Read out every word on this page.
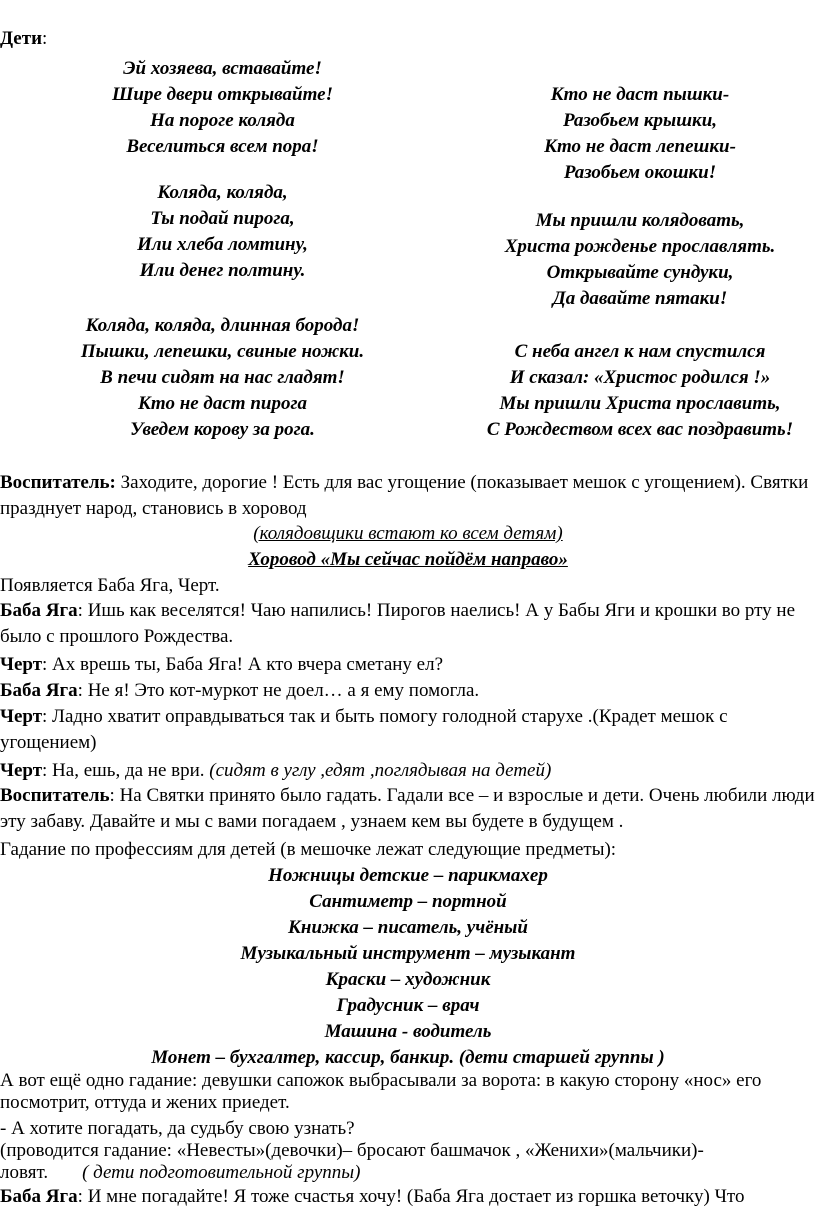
Дети:
Эй хозяева, вставайте!
Шире двери открывайте!
На пороге коляда
Веселиться всем пора!
Коляда, коляда,
Ты подай пирога,
Или хлеба ломтину,
Или денег полтину.
Коляда, коляда, длинная борода!
Пышки, лепешки, свиные ножки.
В печи сидят на нас гладят!
Кто не даст пирога
Уведем корову за рога.
Кто не даст пышки-
Разобьем крышки,
Кто не даст лепешки-
Разобьем окошки!
Мы пришли колядовать,
Христа рожденье прославлять.
Открывайте сундуки,
Да давайте пятаки!
С неба ангел к нам спустился
И сказал: «Христос родился !»
Мы пришли Христа прославить,
С Рождеством всех вас поздравить!
Воспитатель: Заходите, дорогие ! Есть для вас угощение (показывает мешок с угощением). Святки празднует народ, становись в хоровод
(колядовщики встают ко всем детям)
Хоровод «Мы сейчас пойдём направо»
Появляется Баба Яга, Черт.
Баба Яга: Ишь как веселятся! Чаю напились! Пирогов наелись! А у Бабы Яги и крошки во рту не было с прошлого Рождества.
Черт: Ах врешь ты, Баба Яга! А кто вчера сметану ел?
Баба Яга: Не я! Это кот-муркот не доел… а я ему помогла.
Черт: Ладно хватит оправдываться так и быть помогу голодной старухе .(Крадет мешок с угощением)
Черт: На, ешь, да не ври. (сидят в углу ,едят ,поглядывая на детей)
Воспитатель: На Святки принято было гадать. Гадали все – и взрослые и дети. Очень любили люди эту забаву. Давайте и мы с вами погадаем , узнаем кем вы будете в будущем .
Гадание по профессиям для детей (в мешочке лежат следующие предметы):
Ножницы детские – парикмахер
Сантиметр – портной
Книжка – писатель, учёный
Музыкальный инструмент – музыкант
Краски – художник
Градусник – врач
Машина - водитель
Монет – бухгалтер, кассир, банкир. (дети старшей группы )
А вот ещё одно гадание: девушки сапожок выбрасывали за ворота: в какую сторону «нос» его посмотрит, оттуда и жених приедет.
- А хотите погадать, да судьбу свою узнать?
(проводится гадание: «Невесты»(девочки)– бросают башмачок , «Женихи»(мальчики)-
ловят. ( дети подготовительной группы)
Баба Яга: И мне погадайте! Я тоже счастья хочу! (Баба Яга достает из горшка веточку) Что
